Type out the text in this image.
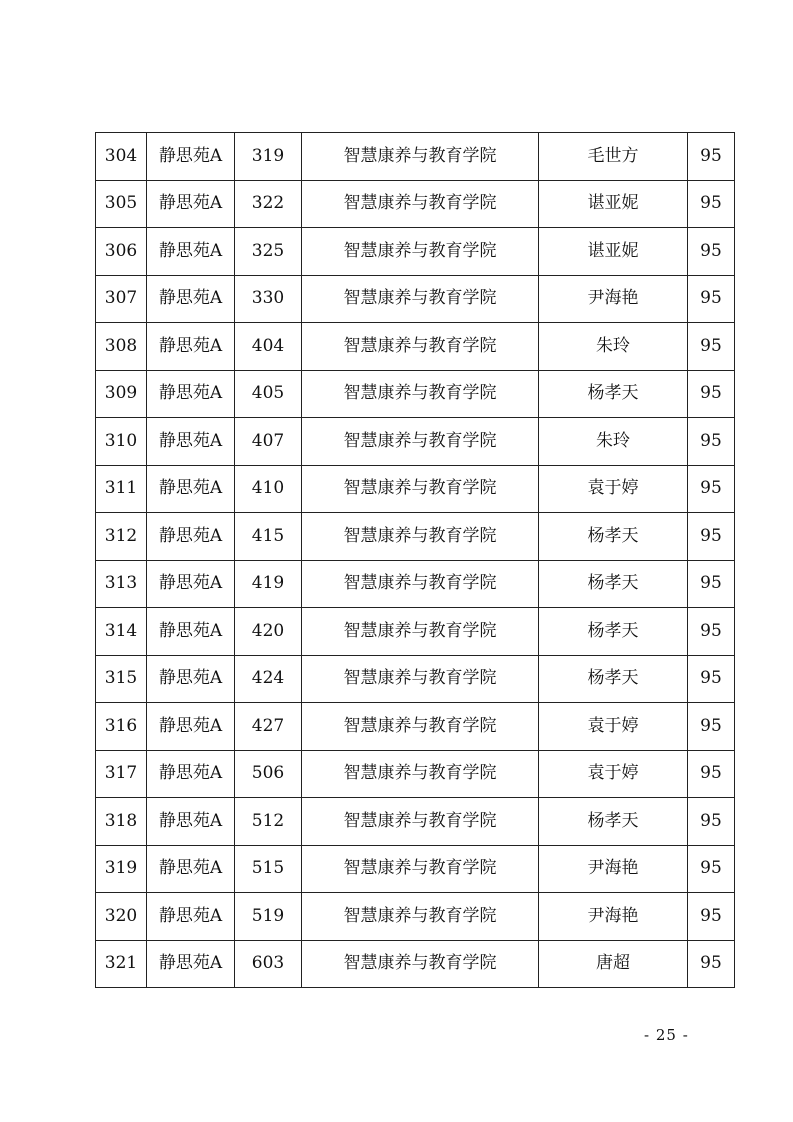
304	静思苑A	319	智慧康养与教育学院	毛世方	95
305	静思苑A	322	智慧康养与教育学院	谌亚妮	95
306	静思苑A	325	智慧康养与教育学院	谌亚妮	95
307	静思苑A	330	智慧康养与教育学院	尹海艳	95
308	静思苑A	404	智慧康养与教育学院	朱玲	95
309	静思苑A	405	智慧康养与教育学院	杨孝天	95
310	静思苑A	407	智慧康养与教育学院	朱玲	95
311	静思苑A	410	智慧康养与教育学院	袁于婷	95
312	静思苑A	415	智慧康养与教育学院	杨孝天	95
313	静思苑A	419	智慧康养与教育学院	杨孝天	95
314	静思苑A	420	智慧康养与教育学院	杨孝天	95
315	静思苑A	424	智慧康养与教育学院	杨孝天	95
316	静思苑A	427	智慧康养与教育学院	袁于婷	95
317	静思苑A	506	智慧康养与教育学院	袁于婷	95
318	静思苑A	512	智慧康养与教育学院	杨孝天	95
319	静思苑A	515	智慧康养与教育学院	尹海艳	95
320	静思苑A	519	智慧康养与教育学院	尹海艳	95
321	静思苑A	603	智慧康养与教育学院	唐超	95
- 25 -
